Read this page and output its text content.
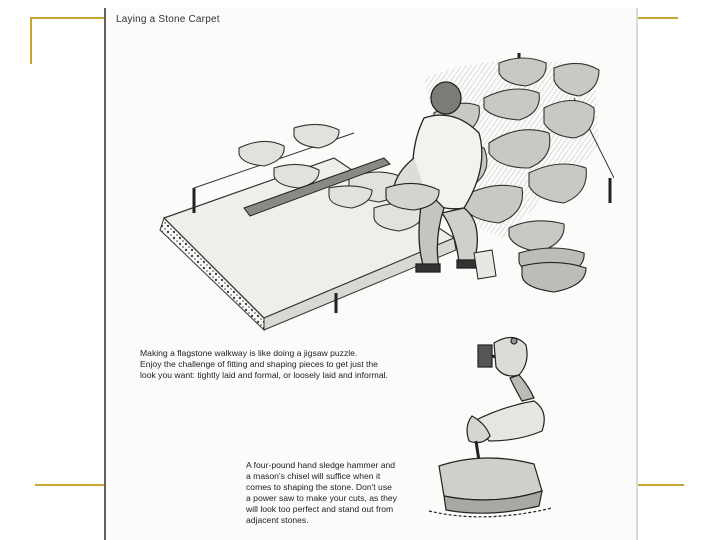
Laying a Stone Carpet

Making a flagstone walkway is like doing a jigsaw puzzle.

Enjoy the challenge of fitting and shaping pieces to get just the

look you want: tightly laid and formal, or loosely laid and informal.

A four-pound hand sledge hammer and

a mason's chisel will suffice when it

comes to shaping the stone. Don't use

a power saw to make your cuts, as they

will look too perfect and stand out from

adjacent stones.
